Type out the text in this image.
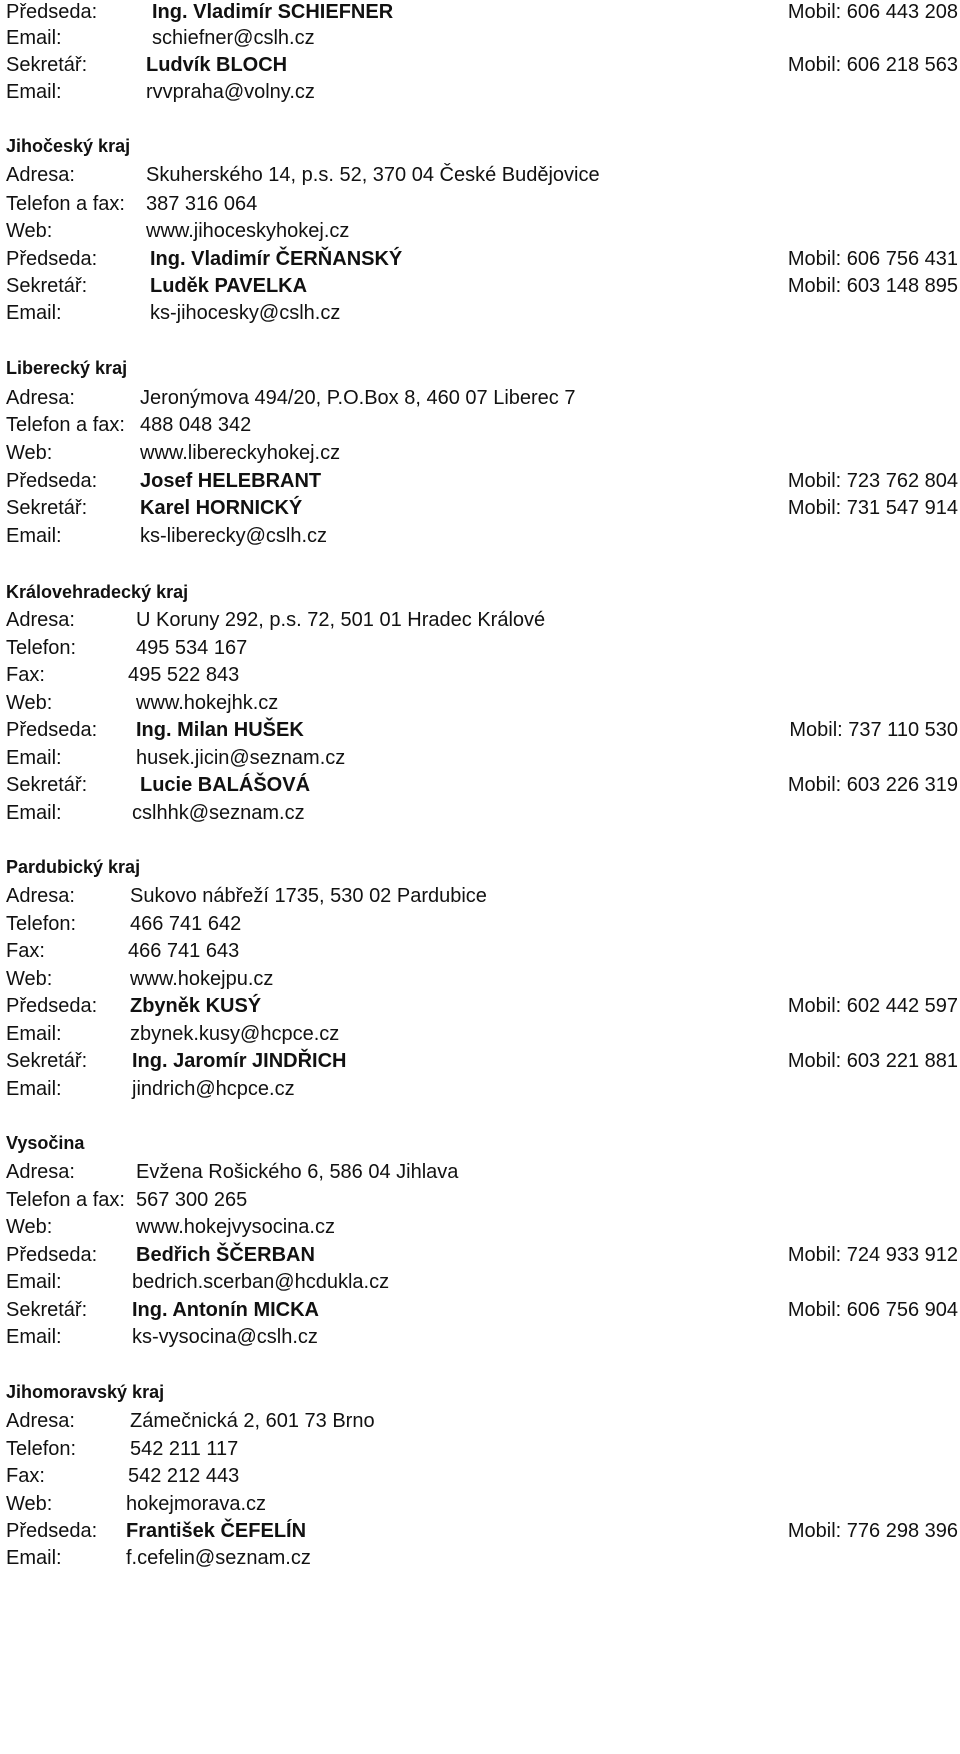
Předseda:	Ing. Vladimír SCHIEFNER	Mobil: 606 443 208
Email:	schiefner@cslh.cz
Sekretář:	Ludvík BLOCH	Mobil: 606 218 563
Email:	rvvpraha@volny.cz
Jihočeský kraj
Adresa:	Skuherského 14, p.s. 52, 370 04 České Budějovice
Telefon a fax: 387 316 064
Web:	www.jihoceskyhokej.cz
Předseda:	Ing. Vladimír ČERŇANSKÝ	Mobil: 606 756 431
Sekretář:	Luděk PAVELKA	Mobil: 603 148 895
Email:	ks-jihocesky@cslh.cz
Liberecký kraj
Adresa:	Jeronýmova 494/20, P.O.Box 8, 460 07 Liberec 7
Telefon a fax: 488 048 342
Web:	www.libereckyhokej.cz
Předseda: Josef HELEBRANT	Mobil: 723 762 804
Sekretář:	Karel HORNICKÝ	Mobil: 731 547 914
Email:	ks-liberecky@cslh.cz
Královehradecký kraj
Adresa:	U Koruny 292, p.s. 72, 501 01 Hradec Králové
Telefon:	495 534 167
Fax:	495 522 843
Web:	www.hokejhk.cz
Předseda: Ing. Milan HUŠEK	Mobil: 737 110 530
Email:	husek.jicin@seznam.cz
Sekretář:	Lucie BALÁŠOVÁ	Mobil: 603 226 319
Email:	cslhhk@seznam.cz
Pardubický kraj
Adresa:	Sukovo nábřeží 1735, 530 02 Pardubice
Telefon:	466 741 642
Fax:	466 741 643
Web:	www.hokejpu.cz
Předseda: Zbyněk KUSÝ	Mobil: 602 442 597
Email:	zbynek.kusy@hcpce.cz
Sekretář: Ing. Jaromír JINDŘICH	Mobil: 603 221 881
Email:	jindrich@hcpce.cz
Vysočina
Adresa:	Evžena Rošického 6, 586 04 Jihlava
Telefon a fax: 567 300 265
Web:	www.hokejvysocina.cz
Předseda: Bedřich ŠČERBAN	Mobil: 724 933 912
Email:	bedrich.scerban@hcdukla.cz
Sekretář: Ing. Antonín MICKA	Mobil: 606 756 904
Email:	ks-vysocina@cslh.cz
Jihomoravský kraj
Adresa:	Zámečnická 2, 601 73 Brno
Telefon:	542 211 117
Fax:	542 212 443
Web:	hokejmorava.cz
Předseda: František ČEFELÍN	Mobil: 776 298 396
Email:	f.cefelin@seznam.cz
